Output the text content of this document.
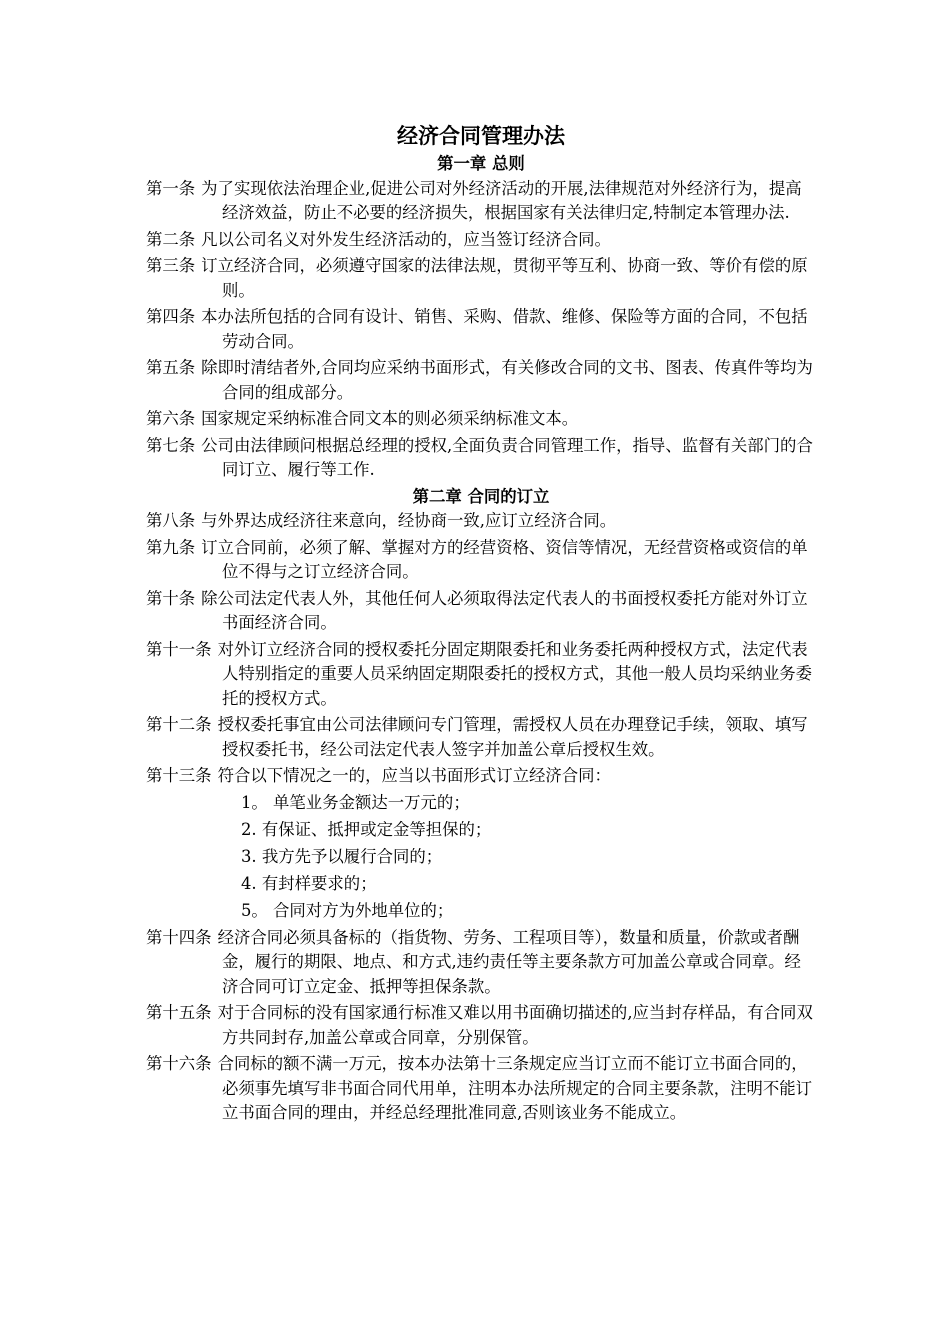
经济合同管理办法
第一章 总则
第一条 为了实现依法治理企业,促进公司对外经济活动的开展,法律规范对外经济行为，提高经济效益，防止不必要的经济损失，根据国家有关法律归定,特制定本管理办法.
第二条 凡以公司名义对外发生经济活动的，应当签订经济合同。
第三条 订立经济合同，必须遵守国家的法律法规，贯彻平等互利、协商一致、等价有偿的原则。
第四条 本办法所包括的合同有设计、销售、采购、借款、维修、保险等方面的合同，不包括劳动合同。
第五条 除即时清结者外,合同均应采纳书面形式，有关修改合同的文书、图表、传真件等均为合同的组成部分。
第六条 国家规定采纳标准合同文本的则必须采纳标准文本。
第七条 公司由法律顾问根据总经理的授权,全面负责合同管理工作，指导、监督有关部门的合同订立、履行等工作.
第二章 合同的订立
第八条 与外界达成经济往来意向，经协商一致,应订立经济合同。
第九条 订立合同前，必须了解、掌握对方的经营资格、资信等情况，无经营资格或资信的单位不得与之订立经济合同。
第十条 除公司法定代表人外，其他任何人必须取得法定代表人的书面授权委托方能对外订立书面经济合同。
第十一条 对外订立经济合同的授权委托分固定期限委托和业务委托两种授权方式，法定代表人特别指定的重要人员采纳固定期限委托的授权方式，其他一般人员均采纳业务委托的授权方式。
第十二条 授权委托事宜由公司法律顾问专门管理，需授权人员在办理登记手续，领取、填写授权委托书，经公司法定代表人签字并加盖公章后授权生效。
第十三条 符合以下情况之一的，应当以书面形式订立经济合同：
1。 单笔业务金额达一万元的；
2. 有保证、抵押或定金等担保的；
3. 我方先予以履行合同的；
4. 有封样要求的；
5。 合同对方为外地单位的；
第十四条 经济合同必须具备标的（指货物、劳务、工程项目等），数量和质量，价款或者酬金，履行的期限、地点、和方式,违约责任等主要条款方可加盖公章或合同章。经济合同可订立定金、抵押等担保条款。
第十五条 对于合同标的没有国家通行标准又难以用书面确切描述的,应当封存样品，有合同双方共同封存,加盖公章或合同章，分别保管。
第十六条 合同标的额不满一万元，按本办法第十三条规定应当订立而不能订立书面合同的，必须事先填写非书面合同代用单，注明本办法所规定的合同主要条款，注明不能订立书面合同的理由，并经总经理批准同意,否则该业务不能成立。
